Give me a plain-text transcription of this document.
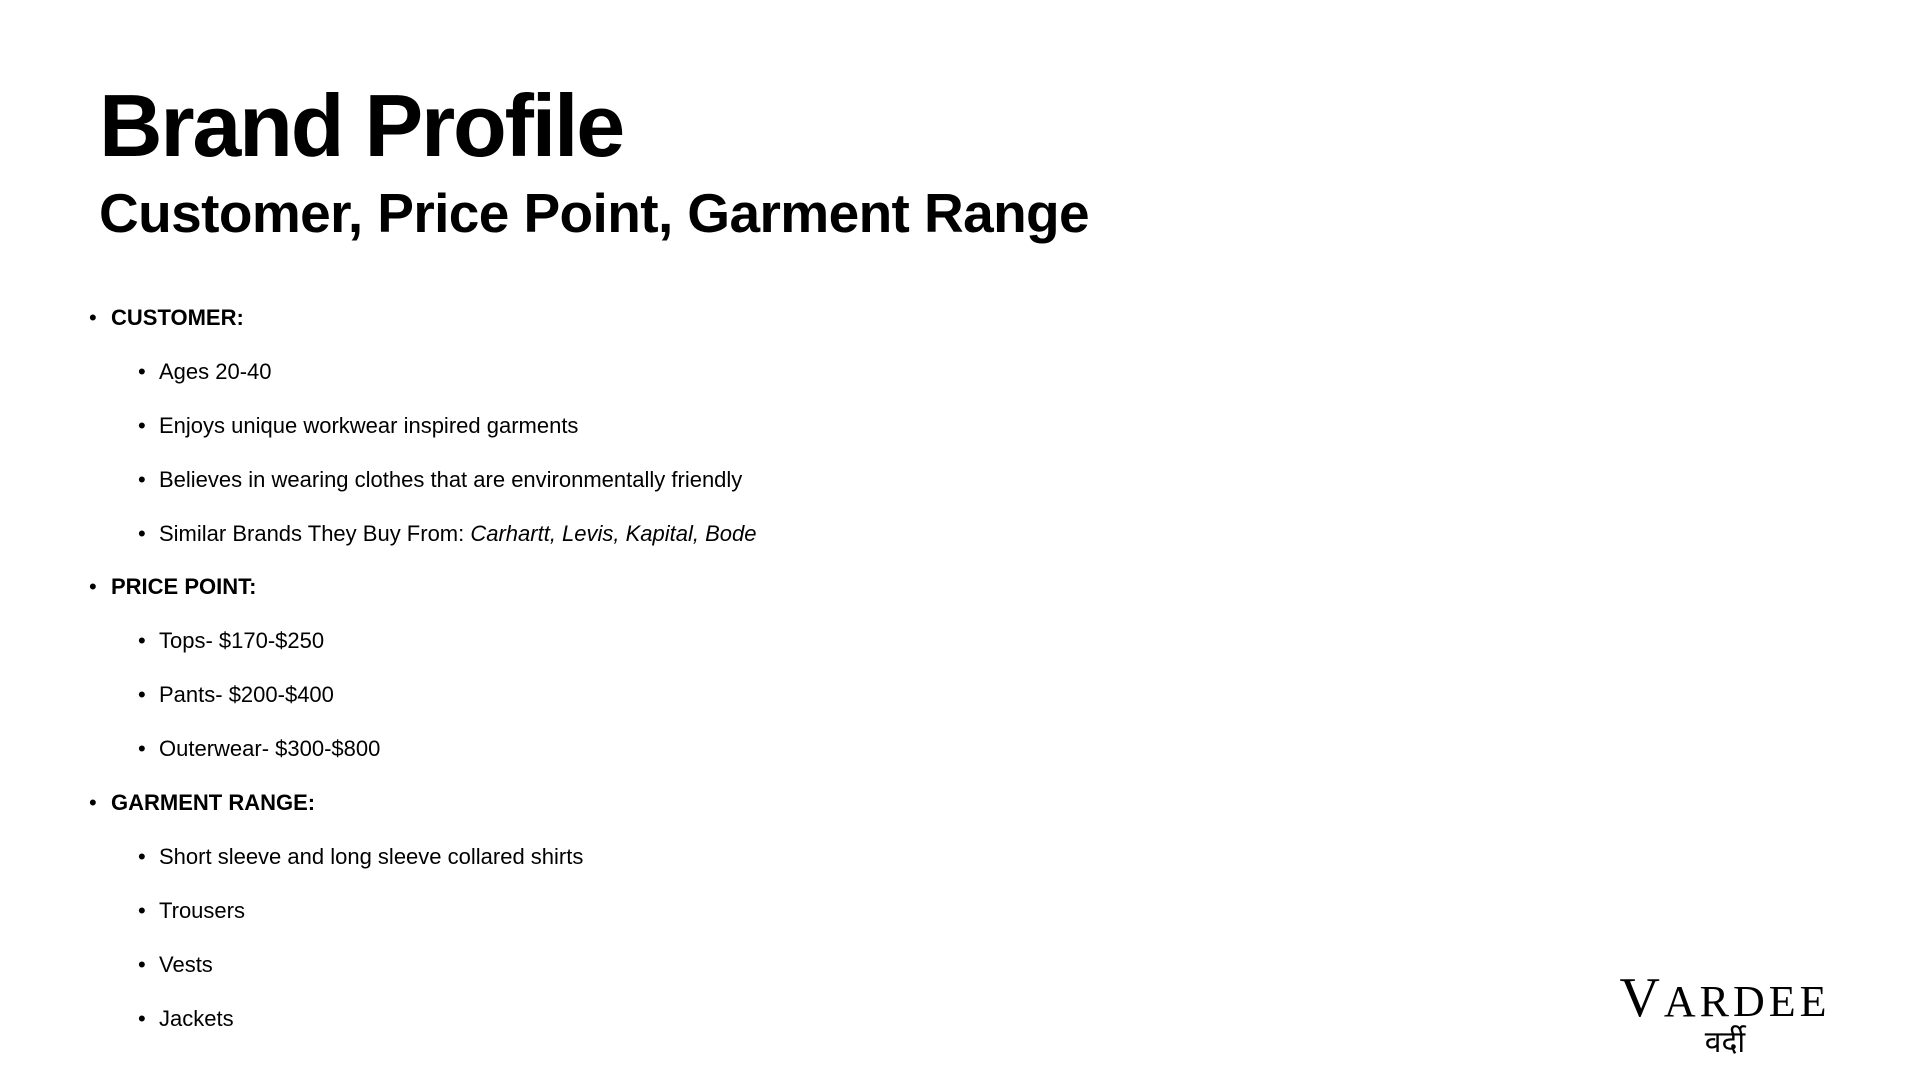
Brand Profile
Customer, Price Point, Garment Range
• CUSTOMER:
• Ages 20-40
• Enjoys unique workwear inspired garments
• Believes in wearing clothes that are environmentally friendly
• Similar Brands They Buy From: Carhartt, Levis, Kapital, Bode
• PRICE POINT:
• Tops- $170-$250
• Pants- $200-$400
• Outerwear- $300-$800
• GARMENT RANGE:
• Short sleeve and long sleeve collared shirts
• Trousers
• Vests
• Jackets	VARDEE
वर्दी
